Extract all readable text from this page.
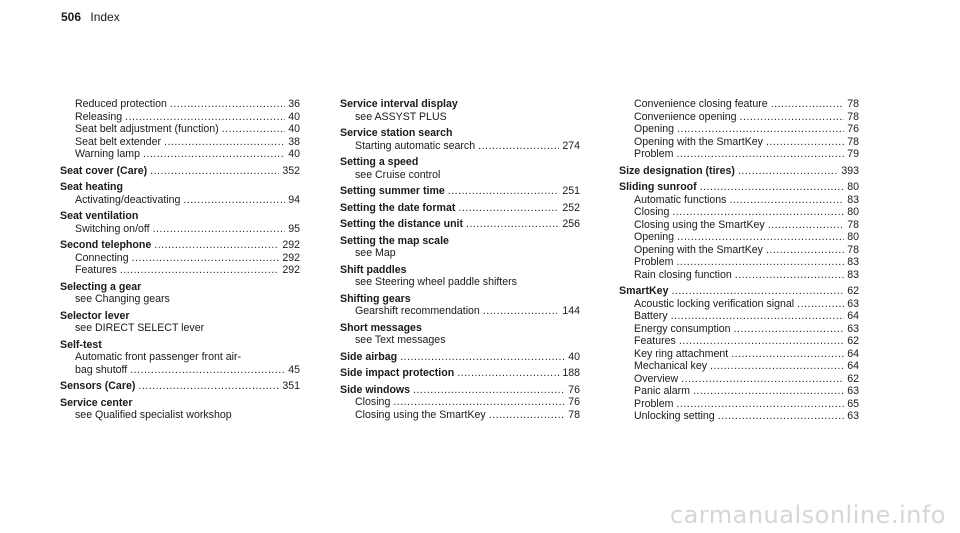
506 Index
Reduced protection .....	36
Releasing .....	40
Seat belt adjustment (function) .....	40
Seat belt extender .....	38
Warning lamp .....	40
Seat cover (Care) .....	352
Seat heating
Activating/deactivating .....	94
Seat ventilation
Switching on/off .....	95
Second telephone .....	292
Connecting .....	292
Features .....	292
Selecting a gear
see Changing gears
Selector lever
see DIRECT SELECT lever
Self-test
Automatic front passenger front air-
bag shutoff .....	45
Sensors (Care) .....	351
Service center
see Qualified specialist workshop
Service interval display
see ASSYST PLUS
Service station search
Starting automatic search .....	274
Setting a speed
see Cruise control
Setting summer time .....	251
Setting the date format .....	252
Setting the distance unit .....	256
Setting the map scale
see Map
Shift paddles
see Steering wheel paddle shifters
Shifting gears
Gearshift recommendation .....	144
Short messages
see Text messages
Side airbag .....	40
Side impact protection .....	188
Side windows .....	76
Closing .....	76
Closing using the SmartKey .....	78
Convenience closing feature .....	78
Convenience opening .....	78
Opening .....	76
Opening with the SmartKey .....	78
Problem .....	79
Size designation (tires) .....	393
Sliding sunroof .....	80
Automatic functions .....	83
Closing .....	80
Closing using the SmartKey .....	78
Opening .....	80
Opening with the SmartKey .....	78
Problem .....	83
Rain closing function .....	83
SmartKey .....	62
Acoustic locking verification signal .....	63
Battery .....	64
Energy consumption .....	63
Features .....	62
Key ring attachment .....	64
Mechanical key .....	64
Overview .....	62
Panic alarm .....	63
Problem .....	65
Unlocking setting .....	63
carmanualsonline.info
